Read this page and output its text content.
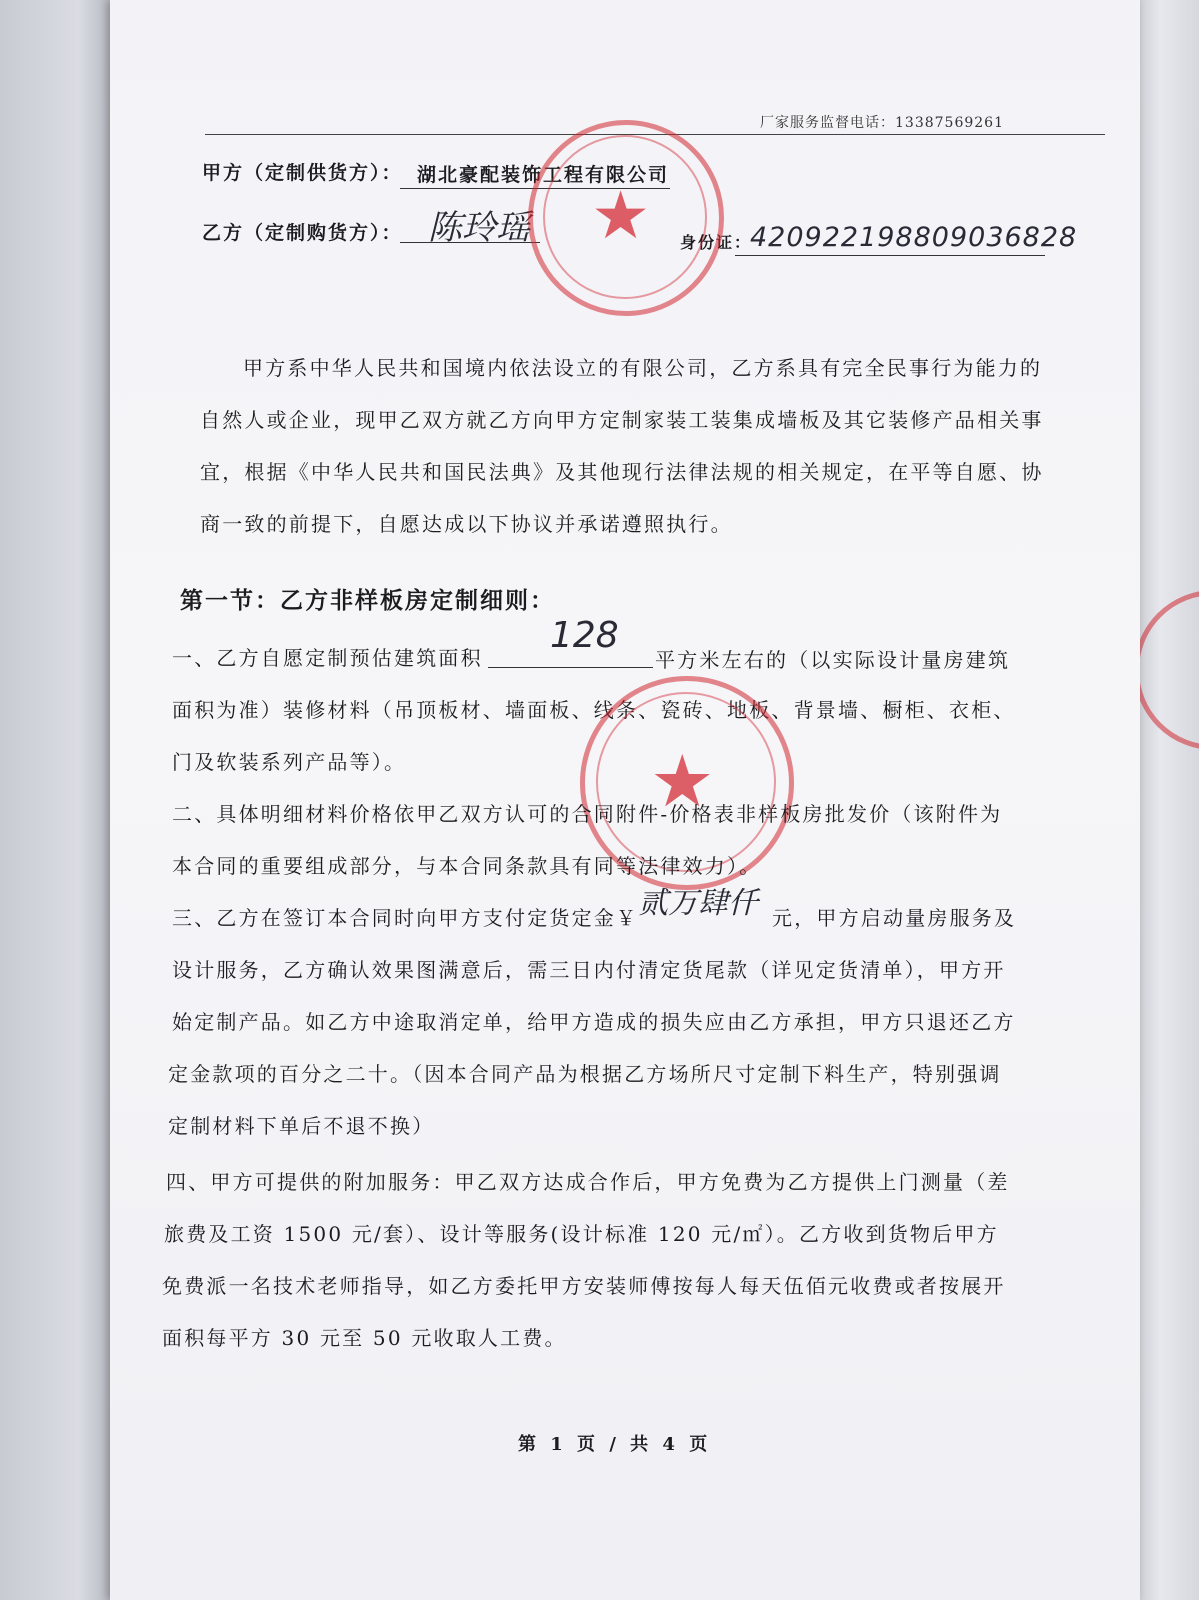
厂家服务监督电话：13387569261
甲方（定制供货方）： 湖北豪配装饰工程有限公司
乙方（定制购货方）： 陈玲瑶	身份证：
420922198809036828
★
甲方系中华人民共和国境内依法设立的有限公司，乙方系具有完全民事行为能力的
自然人或企业，现甲乙双方就乙方向甲方定制家装工装集成墙板及其它装修产品相关事
宜，根据《中华人民共和国民法典》及其他现行法律法规的相关规定，在平等自愿、协
商一致的前提下，自愿达成以下协议并承诺遵照执行。
第一节：乙方非样板房定制细则：
一、乙方自愿定制预估建筑面积
128
平方米左右的（以实际设计量房建筑
面积为准）装修材料（吊顶板材、墙面板、线条、瓷砖、地板、背景墙、橱柜、衣柜、
门及软装系列产品等）。	★
二、具体明细材料价格依甲乙双方认可的合同附件-价格表非样板房批发价（该附件为
本合同的重要组成部分，与本合同条款具有同等法律效力）。
三、乙方在签订本合同时向甲方支付定货定金￥ 贰万肆仟 元，甲方启动量房服务及
设计服务，乙方确认效果图满意后，需三日内付清定货尾款（详见定货清单），甲方开
始定制产品。如乙方中途取消定单，给甲方造成的损失应由乙方承担，甲方只退还乙方
定金款项的百分之二十。（因本合同产品为根据乙方场所尺寸定制下料生产，特别强调
定制材料下单后不退不换）
四、甲方可提供的附加服务：甲乙双方达成合作后，甲方免费为乙方提供上门测量（差
旅费及工资 1500 元/套）、设计等服务(设计标准 120 元/㎡）。乙方收到货物后甲方
免费派一名技术老师指导，如乙方委托甲方安装师傅按每人每天伍佰元收费或者按展开
面积每平方 30 元至 50 元收取人工费。
第 1 页 / 共 4 页
